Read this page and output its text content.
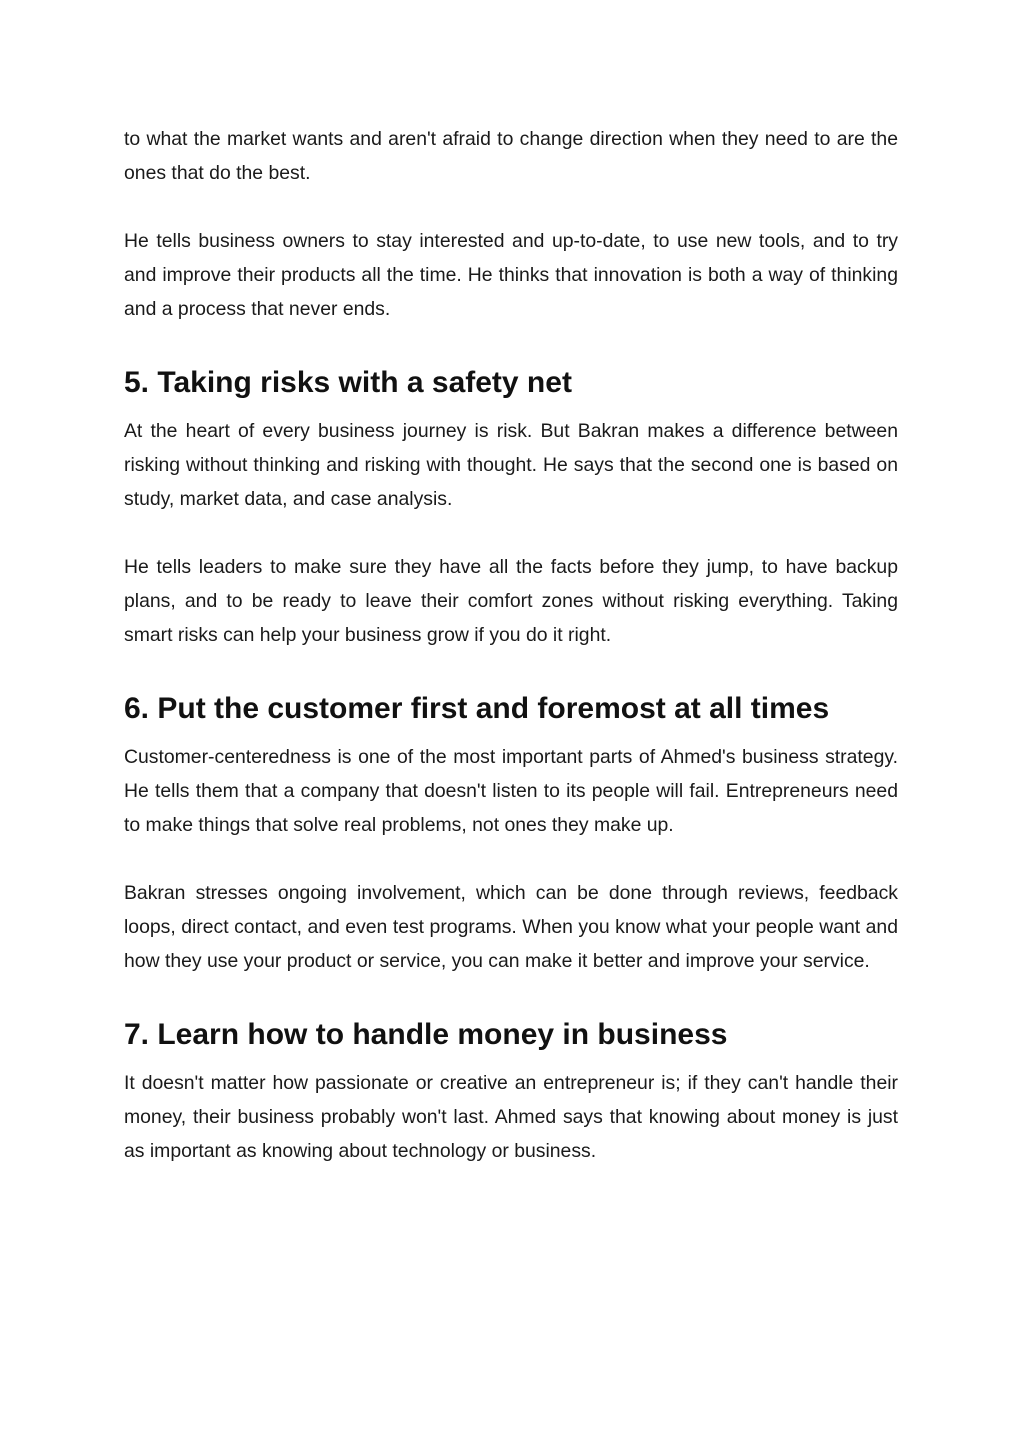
to what the market wants and aren't afraid to change direction when they need to are the ones that do the best.

He tells business owners to stay interested and up-to-date, to use new tools, and to try and improve their products all the time. He thinks that innovation is both a way of thinking and a process that never ends.

5. Taking risks with a safety net

At the heart of every business journey is risk. But Bakran makes a difference between risking without thinking and risking with thought. He says that the second one is based on study, market data, and case analysis.

He tells leaders to make sure they have all the facts before they jump, to have backup plans, and to be ready to leave their comfort zones without risking everything. Taking smart risks can help your business grow if you do it right.

6. Put the customer first and foremost at all times

Customer-centeredness is one of the most important parts of Ahmed's business strategy. He tells them that a company that doesn't listen to its people will fail. Entrepreneurs need to make things that solve real problems, not ones they make up.

Bakran stresses ongoing involvement, which can be done through reviews, feedback loops, direct contact, and even test programs. When you know what your people want and how they use your product or service, you can make it better and improve your service.

7. Learn how to handle money in business

It doesn't matter how passionate or creative an entrepreneur is; if they can't handle their money, their business probably won't last. Ahmed says that knowing about money is just as important as knowing about technology or business.
